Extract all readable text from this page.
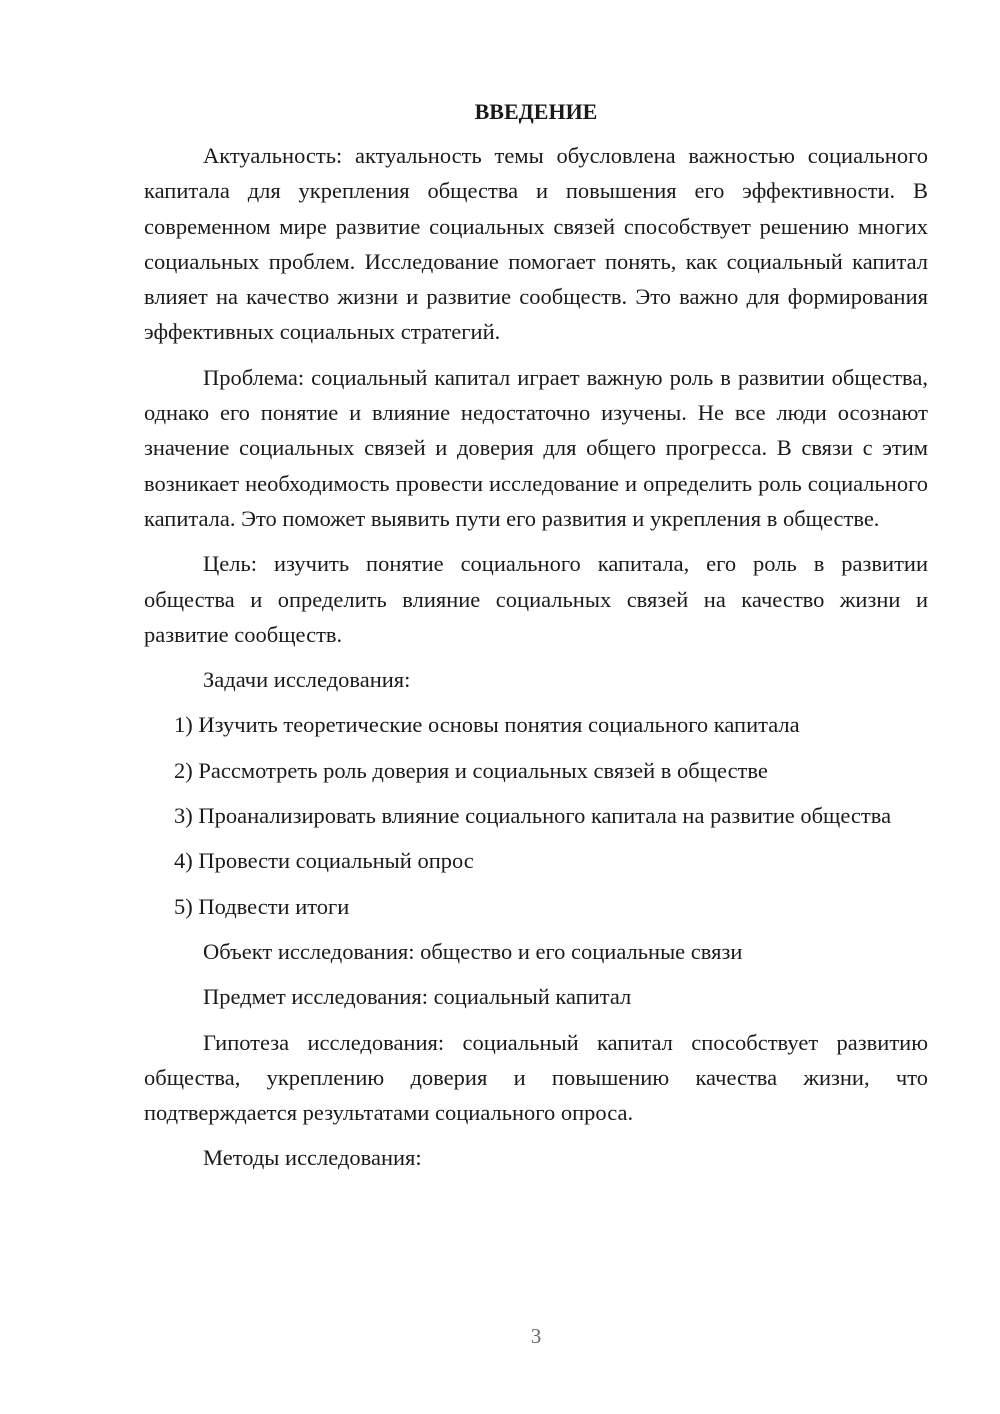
ВВЕДЕНИЕ

Актуальность: актуальность темы обусловлена важностью социального капитала для укрепления общества и повышения его эффективности. В современном мире развитие социальных связей способствует решению многих социальных проблем. Исследование помогает понять, как социальный капитал влияет на качество жизни и развитие сообществ. Это важно для формирования эффективных социальных стратегий.

Проблема: социальный капитал играет важную роль в развитии общества, однако его понятие и влияние недостаточно изучены. Не все люди осознают значение социальных связей и доверия для общего прогресса. В связи с этим возникает необходимость провести исследование и определить роль социального капитала. Это поможет выявить пути его развития и укрепления в обществе.

Цель: изучить понятие социального капитала, его роль в развитии общества и определить влияние социальных связей на качество жизни и развитие сообществ.

Задачи исследования:

1) Изучить теоретические основы понятия социального капитала

2) Рассмотреть роль доверия и социальных связей в обществе

3) Проанализировать влияние социального капитала на развитие общества

4) Провести социальный опрос

5) Подвести итоги

Объект исследования: общество и его социальные связи

Предмет исследования: социальный капитал

Гипотеза исследования: социальный капитал способствует развитию общества, укреплению доверия и повышению качества жизни, что подтверждается результатами социального опроса.

Методы исследования:

3
